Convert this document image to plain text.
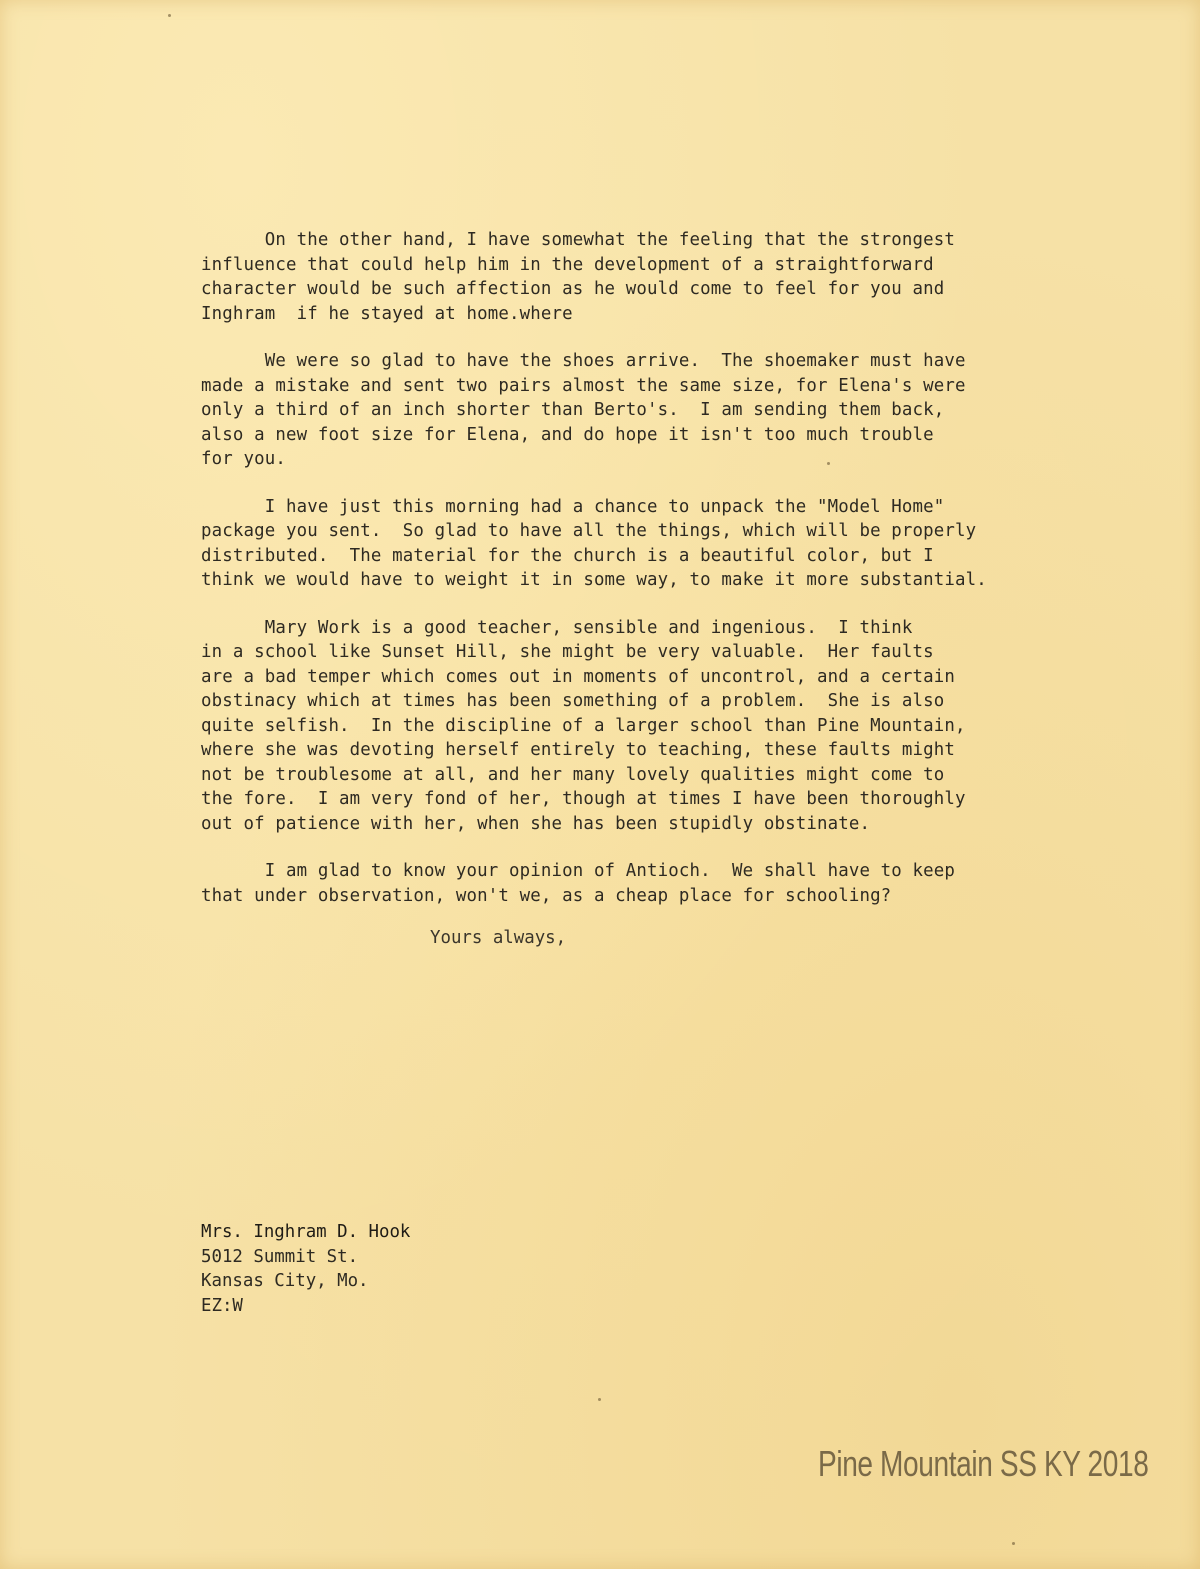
On the other hand, I have somewhat the feeling that the strongest
influence that could help him in the development of a straightforward
character would be such affection as he would come to feel for you and
Inghram  if he stayed at home.where

We were so glad to have the shoes arrive.  The shoemaker must have
made a mistake and sent two pairs almost the same size, for Elena's were
only a third of an inch shorter than Berto's.  I am sending them back,
also a new foot size for Elena, and do hope it isn't too much trouble
for you.

I have just this morning had a chance to unpack the "Model Home"
package you sent.  So glad to have all the things, which will be properly
distributed.  The material for the church is a beautiful color, but I
think we would have to weight it in some way, to make it more substantial.

Mary Work is a good teacher, sensible and ingenious.  I think
in a school like Sunset Hill, she might be very valuable.  Her faults
are a bad temper which comes out in moments of uncontrol, and a certain
obstinacy which at times has been something of a problem.  She is also
quite selfish.  In the discipline of a larger school than Pine Mountain,
where she was devoting herself entirely to teaching, these faults might
not be troublesome at all, and her many lovely qualities might come to
the fore.  I am very fond of her, though at times I have been thoroughly
out of patience with her, when she has been stupidly obstinate.

I am glad to know your opinion of Antioch.  We shall have to keep
that under observation, won't we, as a cheap place for schooling?

Yours always,
Mrs. Inghram D. Hook
5012 Summit St.
Kansas City, Mo.
EZ:W
Pine Mountain SS KY 2018
